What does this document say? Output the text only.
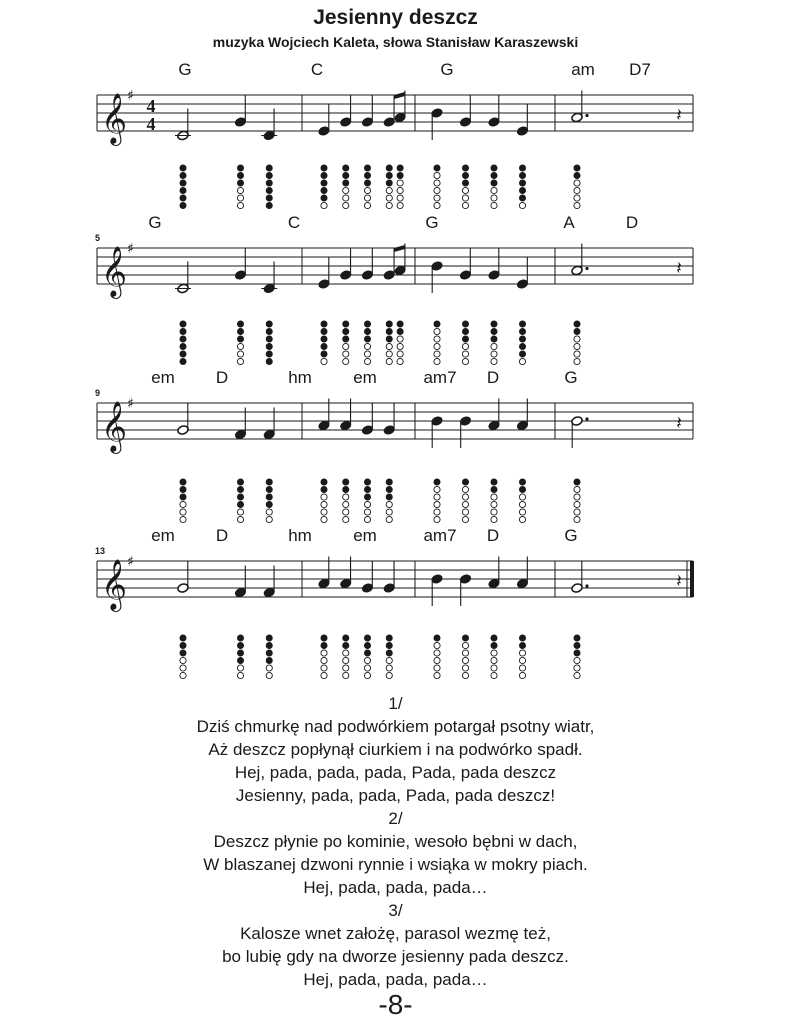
Jesienny deszcz
muzyka Wojciech Kaleta, słowa Stanisław Karaszewski
𝄞 ♯ 4
4
G	C	G	am D7
𝄽
𝄞 ♯
5
G	C	G	A	D
𝄽
𝄞 ♯
9
em D	hm em	am7 D	G
𝄽
𝄞 ♯
13
em D	hm em	am7 D	G
𝄽
1/
Dziś chmurkę nad podwórkiem potargał psotny wiatr,
Aż deszcz popłynął ciurkiem i na podwórko spadł.
Hej, pada, pada, pada, Pada, pada deszcz
Jesienny, pada, pada, Pada, pada deszcz!
2/
Deszcz płynie po kominie, wesoło bębni w dach,
W blaszanej dzwoni rynnie i wsiąka w mokry piach.
Hej, pada, pada, pada…
3/
Kalosze wnet założę, parasol wezmę też,
bo lubię gdy na dworze jesienny pada deszcz.
Hej, pada, pada, pada…
-8-
